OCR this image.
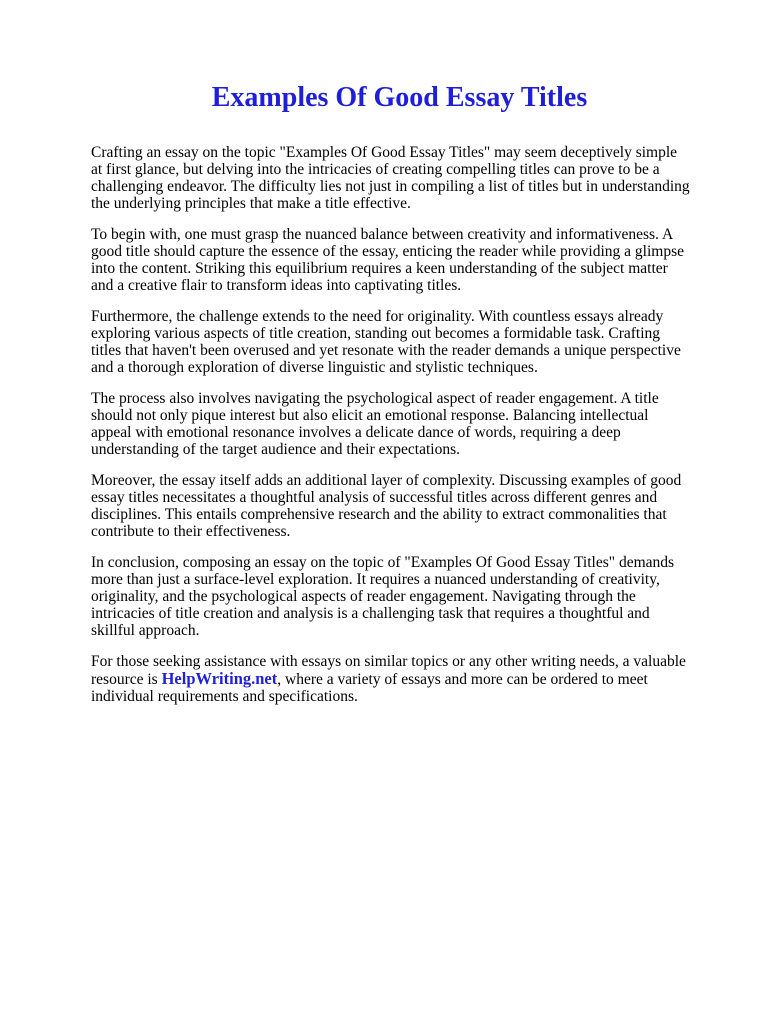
Examples Of Good Essay Titles

Crafting an essay on the topic "Examples Of Good Essay Titles" may seem deceptively simple at first glance, but delving into the intricacies of creating compelling titles can prove to be a challenging endeavor. The difficulty lies not just in compiling a list of titles but in understanding the underlying principles that make a title effective.

To begin with, one must grasp the nuanced balance between creativity and informativeness. A good title should capture the essence of the essay, enticing the reader while providing a glimpse into the content. Striking this equilibrium requires a keen understanding of the subject matter and a creative flair to transform ideas into captivating titles.

Furthermore, the challenge extends to the need for originality. With countless essays already exploring various aspects of title creation, standing out becomes a formidable task. Crafting titles that haven't been overused and yet resonate with the reader demands a unique perspective and a thorough exploration of diverse linguistic and stylistic techniques.

The process also involves navigating the psychological aspect of reader engagement. A title should not only pique interest but also elicit an emotional response. Balancing intellectual appeal with emotional resonance involves a delicate dance of words, requiring a deep understanding of the target audience and their expectations.

Moreover, the essay itself adds an additional layer of complexity. Discussing examples of good essay titles necessitates a thoughtful analysis of successful titles across different genres and disciplines. This entails comprehensive research and the ability to extract commonalities that contribute to their effectiveness.

In conclusion, composing an essay on the topic of "Examples Of Good Essay Titles" demands more than just a surface-level exploration. It requires a nuanced understanding of creativity, originality, and the psychological aspects of reader engagement. Navigating through the intricacies of title creation and analysis is a challenging task that requires a thoughtful and skillful approach.

For those seeking assistance with essays on similar topics or any other writing needs, a valuable resource is HelpWriting.net, where a variety of essays and more can be ordered to meet individual requirements and specifications.
